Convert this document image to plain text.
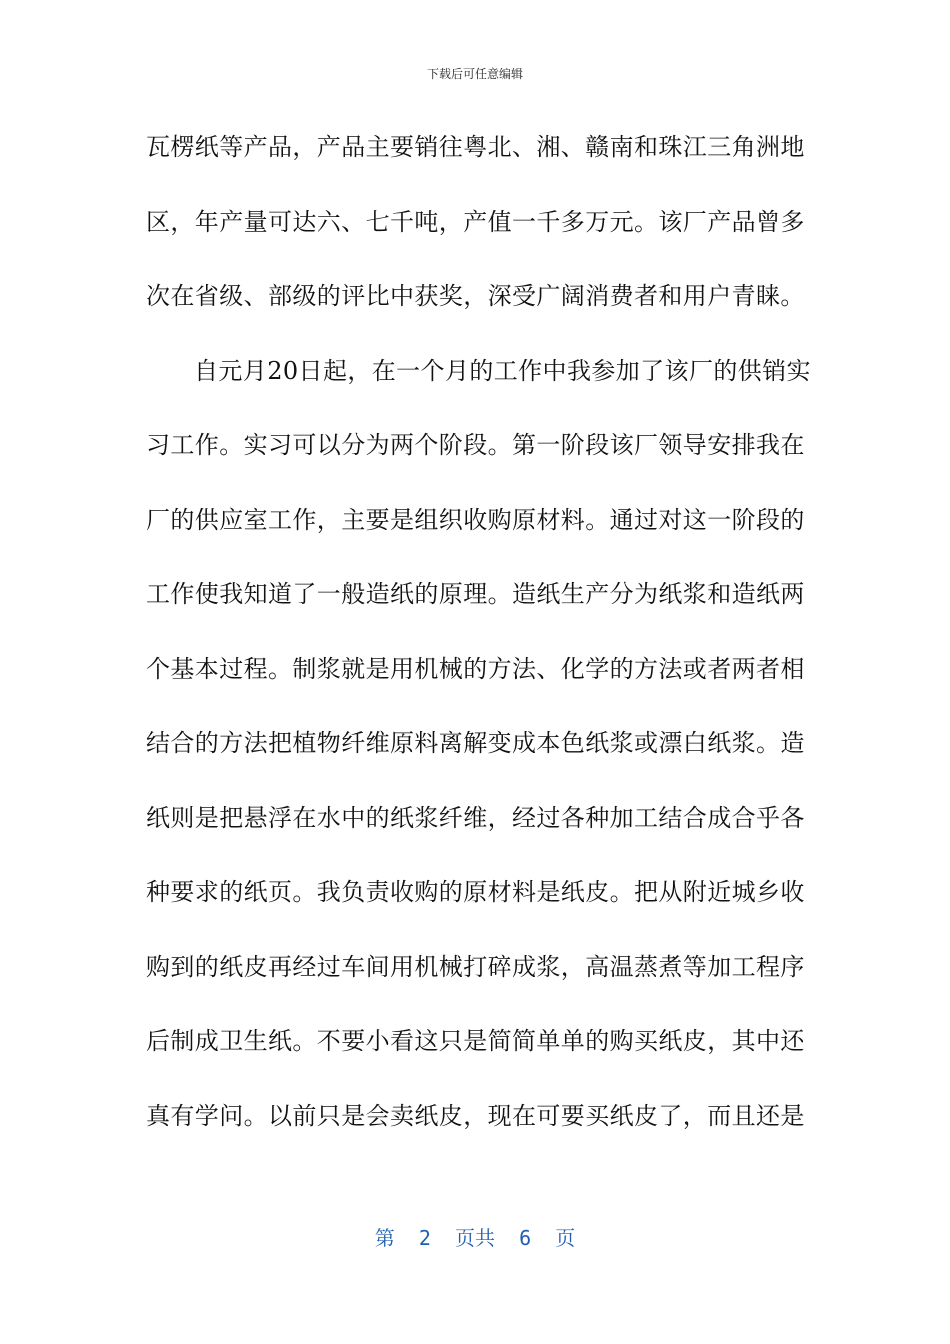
下载后可任意编辑
瓦楞纸等产品，产品主要销往粤北、湘、赣南和珠江三角洲地
区，年产量可达六、七千吨，产值一千多万元。该厂产品曾多
次在省级、部级的评比中获奖，深受广阔消费者和用户青睐。
自元月20日起，在一个月的工作中我参加了该厂的供销实
习工作。实习可以分为两个阶段。第一阶段该厂领导安排我在
厂的供应室工作，主要是组织收购原材料。通过对这一阶段的
工作使我知道了一般造纸的原理。造纸生产分为纸浆和造纸两
个基本过程。制浆就是用机械的方法、化学的方法或者两者相
结合的方法把植物纤维原料离解变成本色纸浆或漂白纸浆。造
纸则是把悬浮在水中的纸浆纤维，经过各种加工结合成合乎各
种要求的纸页。我负责收购的原材料是纸皮。把从附近城乡收
购到的纸皮再经过车间用机械打碎成浆，高温蒸煮等加工程序
后制成卫生纸。不要小看这只是简简单单的购买纸皮，其中还
真有学问。以前只是会卖纸皮，现在可要买纸皮了，而且还是
第  2  页共  6  页
